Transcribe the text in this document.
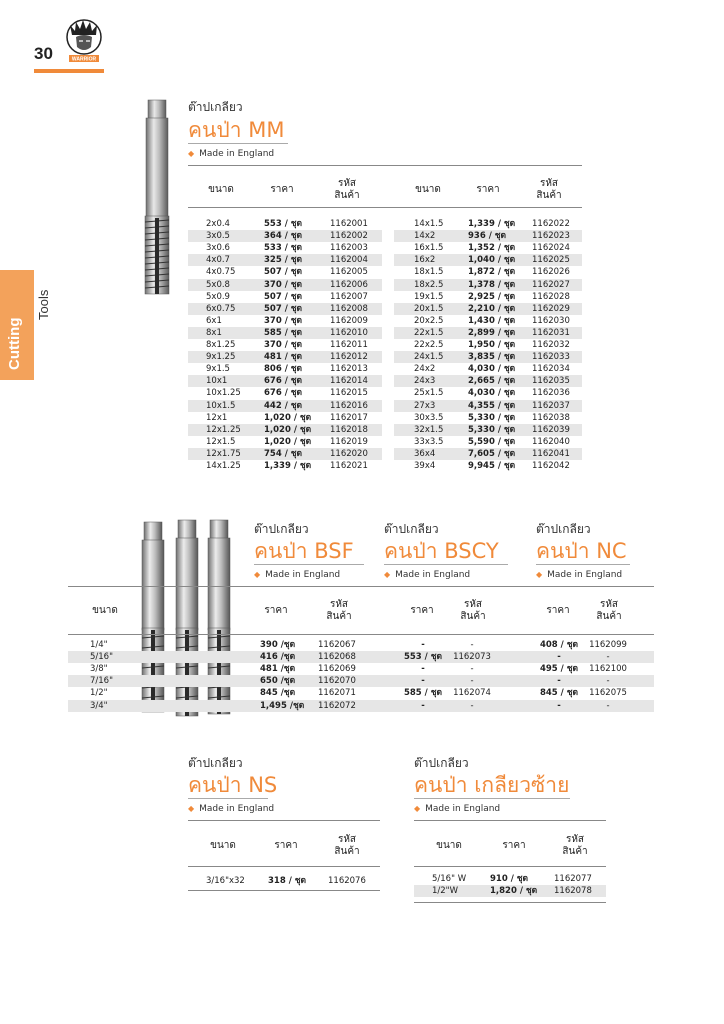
30	WARRIOR
Cutting
Tools
ต๊าปเกลียว
คนป่า MM
◆ Made in England
ขนาด	ราคา
รหัส
สินค้า
ขนาด	ราคา
รหัส
สินค้า
2x0.4	553 / ชุด	1162001
3x0.5	364 / ชุด	1162002
3x0.6	533 / ชุด	1162003
4x0.7	325 / ชุด	1162004
4x0.75	507 / ชุด	1162005
5x0.8	370 / ชุด	1162006
5x0.9	507 / ชุด	1162007
6x0.75	507 / ชุด	1162008
6x1	370 / ชุด	1162009
8x1	585 / ชุด	1162010
8x1.25	370 / ชุด	1162011
9x1.25	481 / ชุด	1162012
9x1.5	806 / ชุด	1162013
10x1	676 / ชุด	1162014
10x1.25	676 / ชุด	1162015
10x1.5	442 / ชุด	1162016
12x1	1,020 / ชุด 1162017
12x1.25	1,020 / ชุด 1162018
12x1.5	1,020 / ชุด 1162019
12x1.75	754 / ชุด	1162020
14x1.25	1,339 / ชุด 1162021
14x1.5	1,339 / ชุด 1162022
14x2	936 / ชุด	1162023
16x1.5	1,352 / ชุด 1162024
16x2	1,040 / ชุด 1162025
18x1.5	1,872 / ชุด 1162026
18x2.5	1,378 / ชุด 1162027
19x1.5	2,925 / ชุด 1162028
20x1.5	2,210 / ชุด 1162029
20x2.5	1,430 / ชุด 1162030
22x1.5	2,899 / ชุด 1162031
22x2.5	1,950 / ชุด 1162032
24x1.5	3,835 / ชุด 1162033
24x2	4,030 / ชุด 1162034
24x3	2,665 / ชุด 1162035
25x1.5	4,030 / ชุด 1162036
27x3	4,355 / ชุด 1162037
30x3.5	5,330 / ชุด 1162038
32x1.5	5,330 / ชุด 1162039
33x3.5	5,590 / ชุด 1162040
36x4	7,605 / ชุด 1162041
39x4	9,945 / ชุด 1162042
ต๊าปเกลียว
คนป่า BSF
◆ Made in England
ต๊าปเกลียว
คนป่า BSCY
◆ Made in England
ต๊าปเกลียว
คนป่า NC
◆ Made in England
ขนาด	ราคา
รหัส
สินค้า
ราคา
รหัส
สินค้า
ราคา
รหัส
สินค้า
1/4"	390 /ชุด	1162067	-	-	408 / ชุด	1162099
5/16"	416 /ชุด	1162068	553 / ชุด	1162073	-	-
3/8"	481 /ชุด	1162069	-	-	495 / ชุด	1162100
7/16"	650 /ชุด	1162070	-	-	-	-
1/2"	845 /ชุด	1162071	585 / ชุด	1162074	845 / ชุด	1162075
3/4"	1,495 /ชุด 1162072	-	-	-	-
ต๊าปเกลียว
คนป่า NS
◆ Made in England
ขนาด	ราคา
รหัส
สินค้า
3/16"x32	318 / ชุด	1162076
ต๊าปเกลียว
คนป่า เกลียวซ้าย
◆ Made in England
ขนาด	ราคา
รหัส
สินค้า
5/16" W	910 / ชุด	1162077
1/2"W	1,820 / ชุด 1162078
